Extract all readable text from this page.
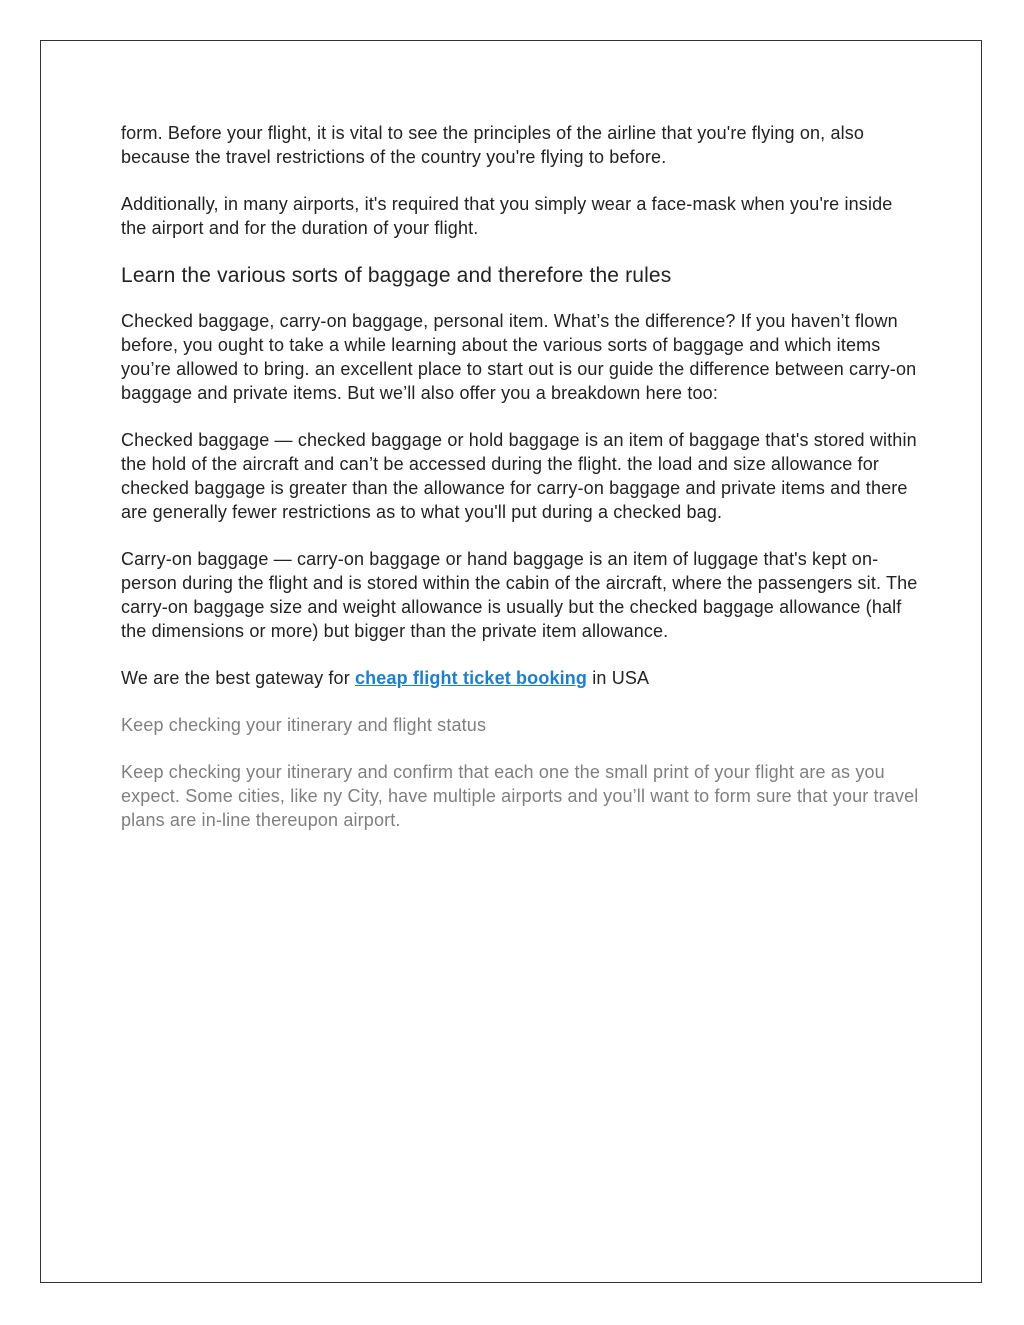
form. Before your flight, it is vital to see the principles of the airline that you're flying on, also because the travel restrictions of the country you're flying to before.

Additionally, in many airports, it's required that you simply wear a face-mask when you're inside the airport and for the duration of your flight.

Learn the various sorts of baggage and therefore the rules

Checked baggage, carry-on baggage, personal item. What’s the difference? If you haven’t flown before, you ought to take a while learning about the various sorts of baggage and which items you’re allowed to bring. an excellent place to start out is our guide the difference between carry-on baggage and private items. But we’ll also offer you a breakdown here too:

Checked baggage — checked baggage or hold baggage is an item of baggage that's stored within the hold of the aircraft and can’t be accessed during the flight. the load and size allowance for checked baggage is greater than the allowance for carry-on baggage and private items and there are generally fewer restrictions as to what you'll put during a checked bag.

Carry-on baggage — carry-on baggage or hand baggage is an item of luggage that's kept on-person during the flight and is stored within the cabin of the aircraft, where the passengers sit. The carry-on baggage size and weight allowance is usually but the checked baggage allowance (half the dimensions or more) but bigger than the private item allowance.

We are the best gateway for cheap flight ticket booking in USA

Keep checking your itinerary and flight status

Keep checking your itinerary and confirm that each one the small print of your flight are as you expect. Some cities, like ny City, have multiple airports and you’ll want to form sure that your travel plans are in-line thereupon airport.
